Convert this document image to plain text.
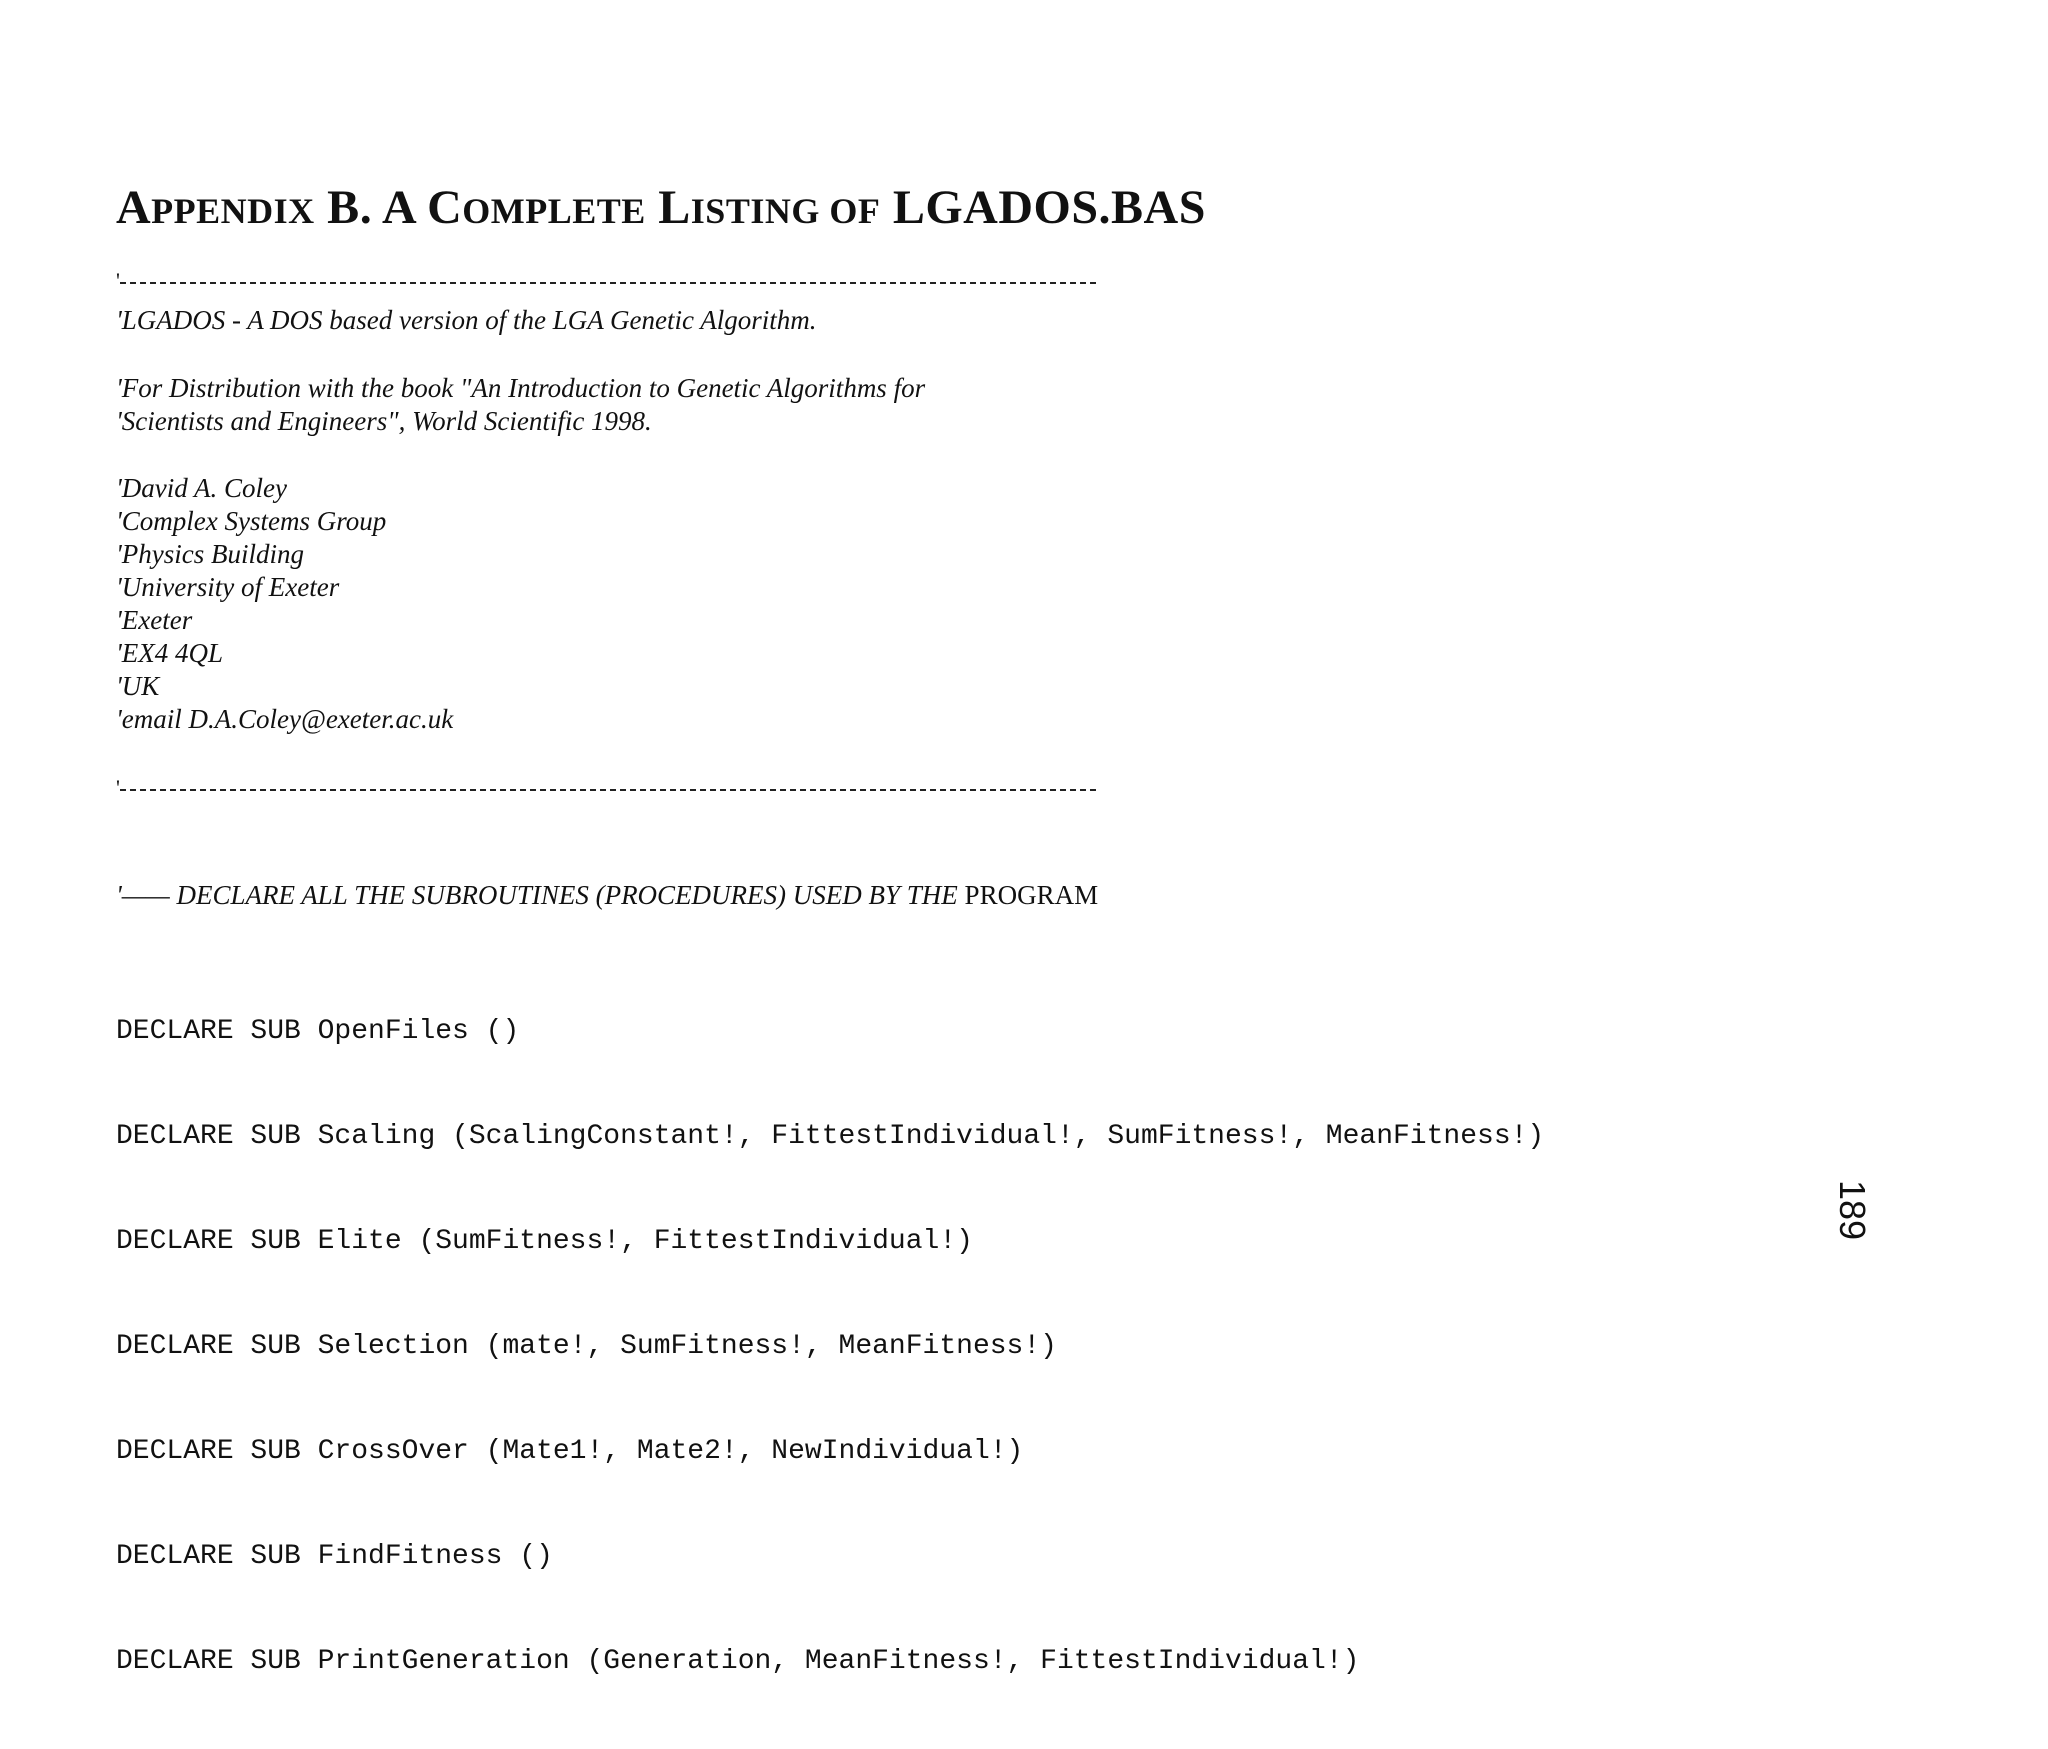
APPENDIX B. A COMPLETE LISTING OF LGADOS.BAS
'
'LGADOS - A DOS based version of the LGA Genetic Algorithm.
'For Distribution with the book "An Introduction to Genetic Algorithms for
'Scientists and Engineers", World Scientific 1998.
'David A. Coley
'Complex Systems Group
'Physics Building
'University of Exeter
'Exeter
'EX4 4QL
'UK
'email D.A.Coley@exeter.ac.uk
'
'—— DECLARE ALL THE SUBROUTINES (PROCEDURES) USED BY THE PROGRAM

DECLARE SUB OpenFiles ()

DECLARE SUB Scaling (ScalingConstant!, FittestIndividual!, SumFitness!, MeanFitness!)

DECLARE SUB Elite (SumFitness!, FittestIndividual!)

DECLARE SUB Selection (mate!, SumFitness!, MeanFitness!)

DECLARE SUB CrossOver (Mate1!, Mate2!, NewIndividual!)

DECLARE SUB FindFitness ()

DECLARE SUB PrintGeneration (Generation, MeanFitness!, FittestIndividual!)

189
